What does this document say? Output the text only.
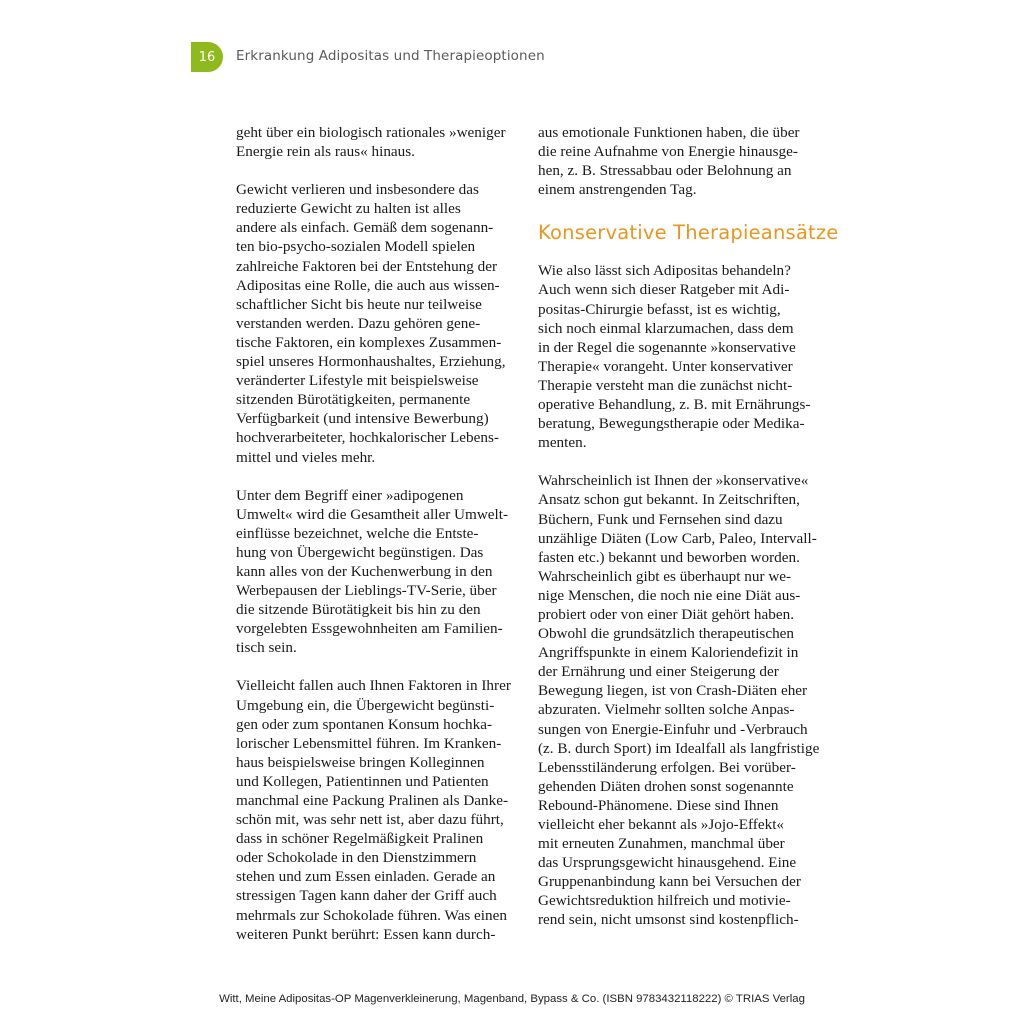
16	Erkrankung Adipositas und Therapieoptionen
geht über ein biologisch rationales »weniger
Energie rein als raus« hinaus.
Gewicht verlieren und insbesondere das
reduzierte Gewicht zu halten ist alles
andere als einfach. Gemäß dem sogenann-
ten bio-psycho-sozialen Modell spielen
zahlreiche Faktoren bei der Entstehung der
Adipositas eine Rolle, die auch aus wissen-
schaftlicher Sicht bis heute nur teilweise
verstanden werden. Dazu gehören gene-
tische Faktoren, ein komplexes Zusammen-
spiel unseres Hormonhaushaltes, Erziehung,
veränderter Lifestyle mit beispielsweise
sitzenden Bürotätigkeiten, permanente
Verfügbarkeit (und intensive Bewerbung)
hochverarbeiteter, hochkalorischer Lebens-
mittel und vieles mehr.
Unter dem Begriff einer »adipogenen
Umwelt« wird die Gesamtheit aller Umwelt-
einflüsse bezeichnet, welche die Entste-
hung von Übergewicht begünstigen. Das
kann alles von der Kuchenwerbung in den
Werbepausen der Lieblings-TV-Serie, über
die sitzende Bürotätigkeit bis hin zu den
vorgelebten Essgewohnheiten am Familien-
tisch sein.
Vielleicht fallen auch Ihnen Faktoren in Ihrer
Umgebung ein, die Übergewicht begünsti-
gen oder zum spontanen Konsum hochka-
lorischer Lebensmittel führen. Im Kranken-
haus beispielsweise bringen Kolleginnen
und Kollegen, Patientinnen und Patienten
manchmal eine Packung Pralinen als Danke-
schön mit, was sehr nett ist, aber dazu führt,
dass in schöner Regelmäßigkeit Pralinen
oder Schokolade in den Dienstzimmern
stehen und zum Essen einladen. Gerade an
stressigen Tagen kann daher der Griff auch
mehrmals zur Schokolade führen. Was einen
weiteren Punkt berührt: Essen kann durch-
aus emotionale Funktionen haben, die über
die reine Aufnahme von Energie hinausge-
hen, z. B. Stressabbau oder Belohnung an
einem anstrengenden Tag.
Konservative Therapieansätze
Wie also lässt sich Adipositas behandeln?
Auch wenn sich dieser Ratgeber mit Adi-
positas-Chirurgie befasst, ist es wichtig,
sich noch einmal klarzumachen, dass dem
in der Regel die sogenannte »konservative
Therapie« vorangeht. Unter konservativer
Therapie versteht man die zunächst nicht-
operative Behandlung, z. B. mit Ernährungs-
beratung, Bewegungstherapie oder Medika-
menten.
Wahrscheinlich ist Ihnen der »konservative«
Ansatz schon gut bekannt. In Zeitschriften,
Büchern, Funk und Fernsehen sind dazu
unzählige Diäten (Low Carb, Paleo, Intervall-
fasten etc.) bekannt und beworben worden.
Wahrscheinlich gibt es überhaupt nur we-
nige Menschen, die noch nie eine Diät aus-
probiert oder von einer Diät gehört haben.
Obwohl die grundsätzlich therapeutischen
Angriffspunkte in einem Kaloriendefizit in
der Ernährung und einer Steigerung der
Bewegung liegen, ist von Crash-Diäten eher
abzuraten. Vielmehr sollten solche Anpas-
sungen von Energie-Einfuhr und -Verbrauch
(z. B. durch Sport) im Idealfall als langfristige
Lebensstiländerung erfolgen. Bei vorüber-
gehenden Diäten drohen sonst sogenannte
Rebound-Phänomene. Diese sind Ihnen
vielleicht eher bekannt als »Jojo-Effekt«
mit erneuten Zunahmen, manchmal über
das Ursprungsgewicht hinausgehend. Eine
Gruppenanbindung kann bei Versuchen der
Gewichtsreduktion hilfreich und motivie-
rend sein, nicht umsonst sind kostenpflich-
Witt, Meine Adipositas-OP Magenverkleinerung, Magenband, Bypass & Co. (ISBN 9783432118222) © TRIAS Verlag
